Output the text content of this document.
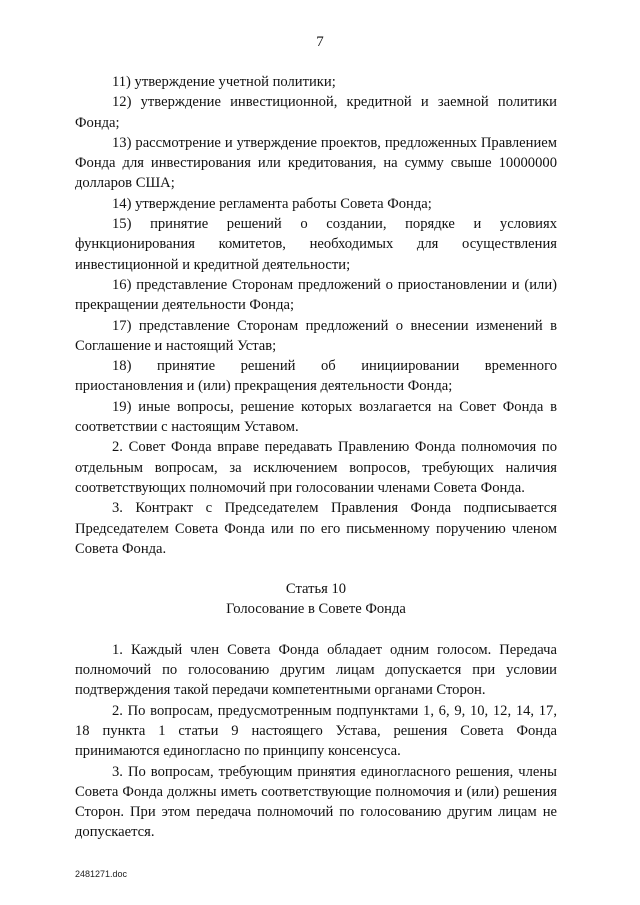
7

11) утверждение учетной политики;

12) утверждение инвестиционной, кредитной и заемной политики Фонда;

13) рассмотрение и утверждение проектов, предложенных Правлением Фонда для инвестирования или кредитования, на сумму свыше 10000000 долларов США;

14) утверждение регламента работы Совета Фонда;

15) принятие решений о создании, порядке и условиях функционирования комитетов, необходимых для осуществления инвестиционной и кредитной деятельности;

16) представление Сторонам предложений о приостановлении и (или) прекращении деятельности Фонда;

17) представление Сторонам предложений о внесении изменений в Соглашение и настоящий Устав;

18) принятие решений об инициировании временного приостановления и (или) прекращения деятельности Фонда;

19) иные вопросы, решение которых возлагается на Совет Фонда в соответствии с настоящим Уставом.

2. Совет Фонда вправе передавать Правлению Фонда полномочия по отдельным вопросам, за исключением вопросов, требующих наличия соответствующих полномочий при голосовании членами Совета Фонда.

3. Контракт с Председателем Правления Фонда подписывается Председателем Совета Фонда или по его письменному поручению членом Совета Фонда.

Статья 10

Голосование в Совете Фонда

1. Каждый член Совета Фонда обладает одним голосом. Передача полномочий по голосованию другим лицам допускается при условии подтверждения такой передачи компетентными органами Сторон.

2. По вопросам, предусмотренным подпунктами 1, 6, 9, 10, 12, 14, 17, 18 пункта 1 статьи 9 настоящего Устава, решения Совета Фонда принимаются единогласно по принципу консенсуса.

3. По вопросам, требующим принятия единогласного решения, члены Совета Фонда должны иметь соответствующие полномочия и (или) решения Сторон. При этом передача полномочий по голосованию другим лицам не допускается.

2481271.doc
